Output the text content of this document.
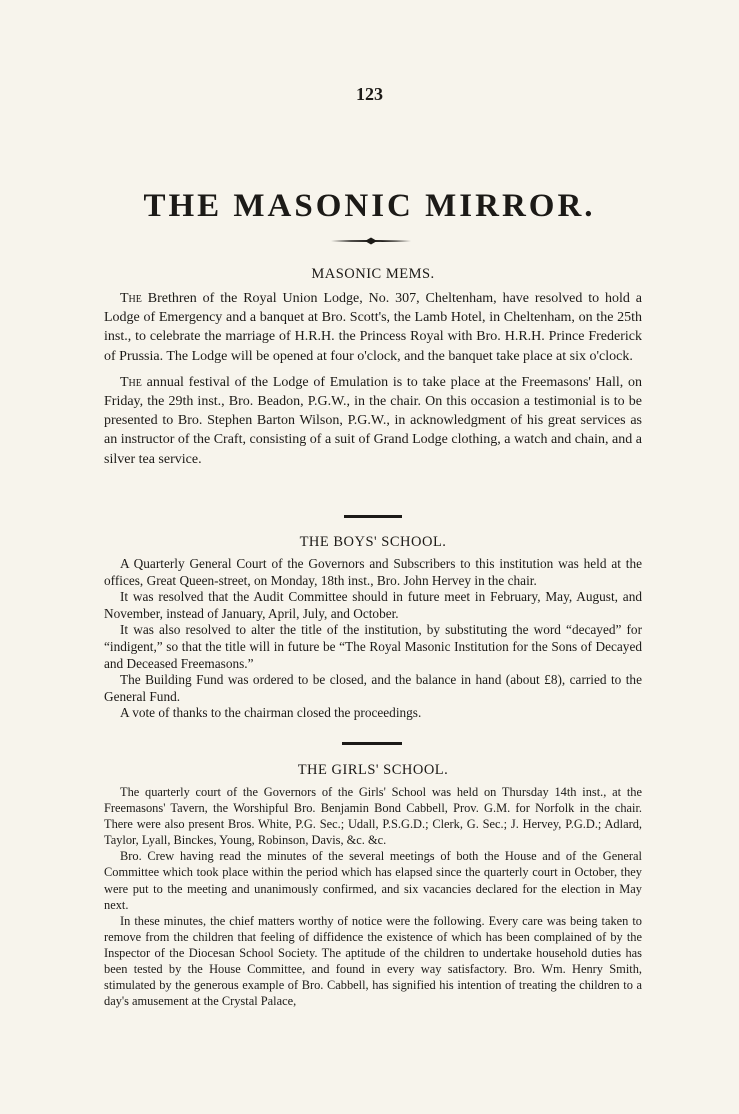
123
THE MASONIC MIRROR.
MASONIC MEMS.

The Brethren of the Royal Union Lodge, No. 307, Cheltenham, have resolved to hold a Lodge of Emergency and a banquet at Bro. Scott's, the Lamb Hotel, in Cheltenham, on the 25th inst., to celebrate the marriage of H.R.H. the Princess Royal with Bro. H.R.H. Prince Frederick of Prussia. The Lodge will be opened at four o'clock, and the banquet take place at six o'clock.

The annual festival of the Lodge of Emulation is to take place at the Freemasons' Hall, on Friday, the 29th inst., Bro. Beadon, P.G.W., in the chair. On this occasion a testimonial is to be presented to Bro. Stephen Barton Wilson, P.G.W., in acknowledgment of his great services as an instructor of the Craft, consisting of a suit of Grand Lodge clothing, a watch and chain, and a silver tea service.

THE BOYS' SCHOOL.

A Quarterly General Court of the Governors and Subscribers to this institution was held at the offices, Great Queen-street, on Monday, 18th inst., Bro. John Hervey in the chair.

It was resolved that the Audit Committee should in future meet in February, May, August, and November, instead of January, April, July, and October.

It was also resolved to alter the title of the institution, by substituting the word “decayed” for “indigent,” so that the title will in future be “The Royal Masonic Institution for the Sons of Decayed and Deceased Freemasons.”

The Building Fund was ordered to be closed, and the balance in hand (about £8), carried to the General Fund.

A vote of thanks to the chairman closed the proceedings.

THE GIRLS' SCHOOL.

The quarterly court of the Governors of the Girls' School was held on Thursday 14th inst., at the Freemasons' Tavern, the Worshipful Bro. Benjamin Bond Cabbell, Prov. G.M. for Norfolk in the chair. There were also present Bros. White, P.G. Sec.; Udall, P.S.G.D.; Clerk, G. Sec.; J. Hervey, P.G.D.; Adlard, Taylor, Lyall, Binckes, Young, Robinson, Davis, &c. &c.

Bro. Crew having read the minutes of the several meetings of both the House and of the General Committee which took place within the period which has elapsed since the quarterly court in October, they were put to the meeting and unanimously confirmed, and six vacancies declared for the election in May next.

In these minutes, the chief matters worthy of notice were the following. Every care was being taken to remove from the children that feeling of diffidence the existence of which has been complained of by the Inspector of the Diocesan School Society. The aptitude of the children to undertake household duties has been tested by the House Committee, and found in every way satisfactory. Bro. Wm. Henry Smith, stimulated by the generous example of Bro. Cabbell, has signified his intention of treating the children to a day's amusement at the Crystal Palace,
